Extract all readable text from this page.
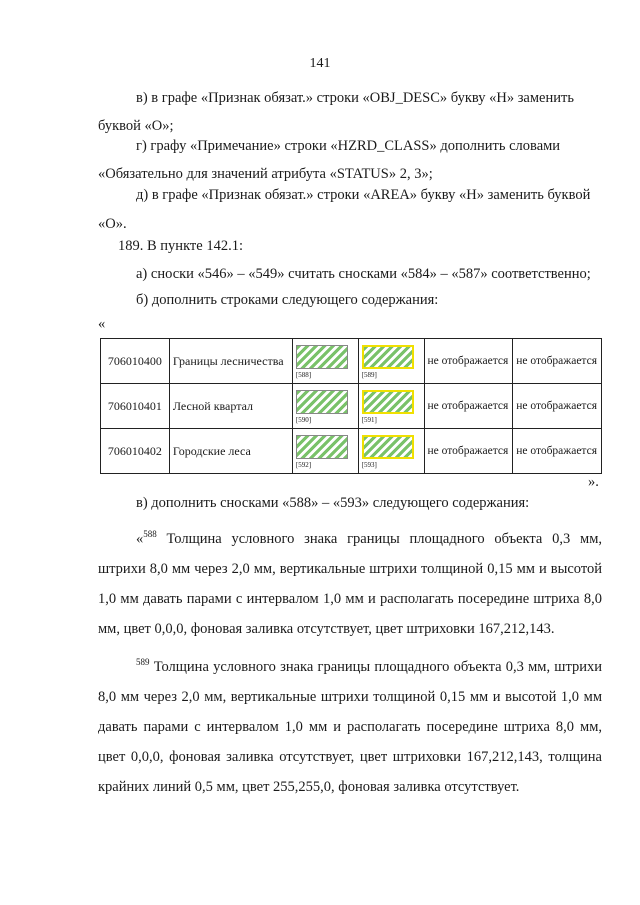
141
в) в графе «Признак обязат.» строки «OBJ_DESC» букву «Н» заменить
буквой «О»;
г) графу «Примечание» строки «HZRD_CLASS» дополнить словами
«Обязательно для значений атрибута «STATUS» 2, 3»;
д) в графе «Признак обязат.» строки «AREA» букву «Н» заменить буквой
«О».
189. В пункте 142.1:
а) сноски «546» – «549» считать сносками «584» – «587» соответственно;
б) дополнить строками следующего содержания:
«
706010400	Границы лесничества	[588]	[589]	не отображается	не отображается
706010401	Лесной квартал	[590]	[591]	не отображается	не отображается
706010402	Городские леса	[592]	[593]	не отображается	не отображается
».
в) дополнить сносками «588» – «593» следующего содержания:
«$^{588}$ Толщина условного знака границы площадного объекта 0,3 мм, штрихи 8,0 мм через 2,0 мм, вертикальные штрихи толщиной 0,15 мм и высотой 1,0 мм давать парами с интервалом 1,0 мм и располагать посередине штриха 8,0 мм, цвет 0,0,0, фоновая заливка отсутствует, цвет штриховки 167,212,143.
$^{589}$ Толщина условного знака границы площадного объекта 0,3 мм, штрихи 8,0 мм через 2,0 мм, вертикальные штрихи толщиной 0,15 мм и высотой 1,0 мм давать парами с интервалом 1,0 мм и располагать посередине штриха 8,0 мм, цвет 0,0,0, фоновая заливка отсутствует, цвет штриховки 167,212,143, толщина крайних линий 0,5 мм, цвет 255,255,0, фоновая заливка отсутствует.
